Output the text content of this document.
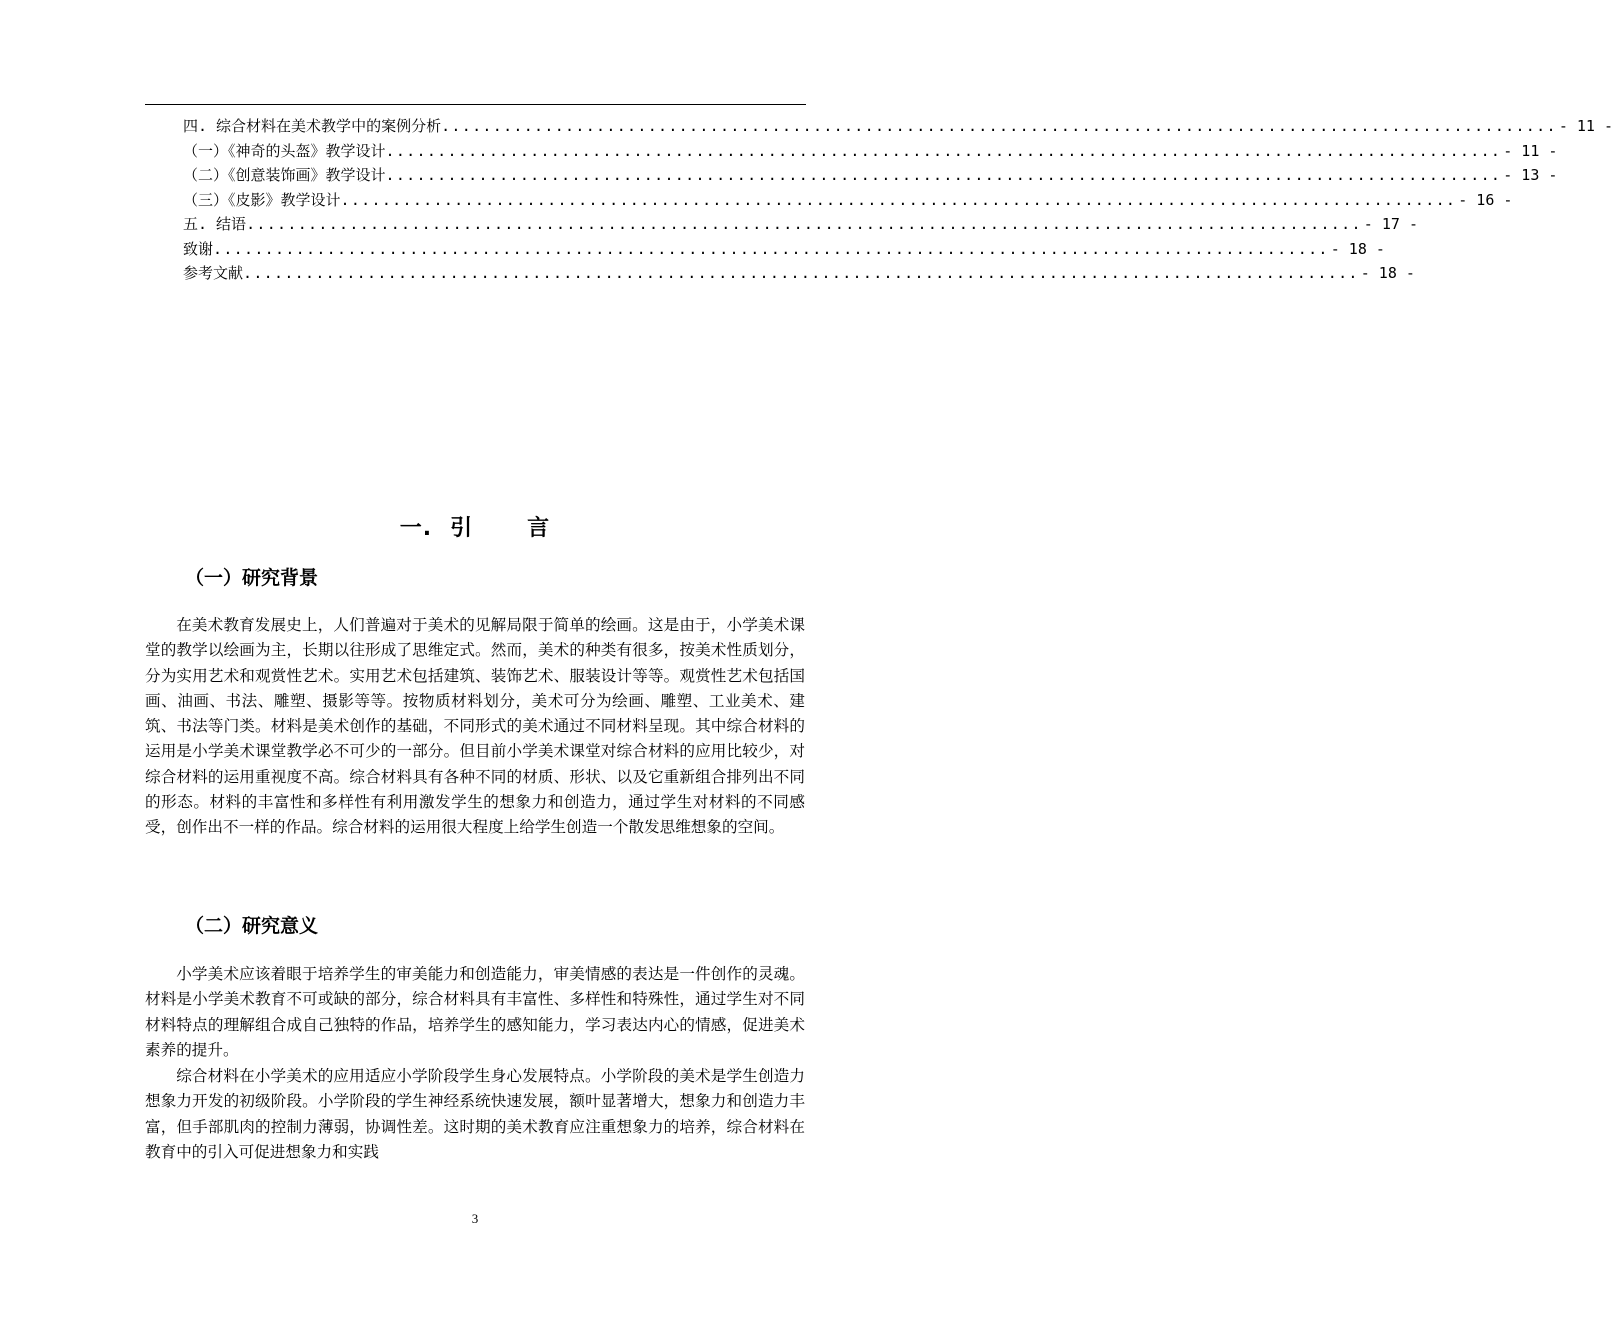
四. 综合材料在美术教学中的案例分析 ............................................................................................................ - 11 -
（一）《神奇的头盔》教学设计 ............................................................................................................ - 11 -
（二）《创意装饰画》教学设计 ............................................................................................................ - 13 -
（三）《皮影》教学设计 ............................................................................................................ - 16 -
五. 结语 ............................................................................................................ - 17 -
致谢 ............................................................................................................ - 18 -
参考文献 ............................................................................................................ - 18 -
一. 引 言
（一）研究背景

在美术教育发展史上，人们普遍对于美术的见解局限于简单的绘画。这是由于，小学美术课堂的教学以绘画为主，长期以往形成了思维定式。然而，美术的种类有很多，按美术性质划分，分为实用艺术和观赏性艺术。实用艺术包括建筑、装饰艺术、服装设计等等。观赏性艺术包括国画、油画、书法、雕塑、摄影等等。按物质材料划分，美术可分为绘画、雕塑、工业美术、建筑、书法等门类。材料是美术创作的基础，不同形式的美术通过不同材料呈现。其中综合材料的运用是小学美术课堂教学必不可少的一部分。但目前小学美术课堂对综合材料的应用比较少，对综合材料的运用重视度不高。综合材料具有各种不同的材质、形状、以及它重新组合排列出不同的形态。材料的丰富性和多样性有利用激发学生的想象力和创造力，通过学生对材料的不同感受，创作出不一样的作品。综合材料的运用很大程度上给学生创造一个散发思维想象的空间。

（二）研究意义

小学美术应该着眼于培养学生的审美能力和创造能力，审美情感的表达是一件创作的灵魂。材料是小学美术教育不可或缺的部分，综合材料具有丰富性、多样性和特殊性，通过学生对不同材料特点的理解组合成自己独特的作品，培养学生的感知能力，学习表达内心的情感，促进美术素养的提升。

综合材料在小学美术的应用适应小学阶段学生身心发展特点。小学阶段的美术是学生创造力想象力开发的初级阶段。小学阶段的学生神经系统快速发展，额叶显著增大，想象力和创造力丰富，但手部肌肉的控制力薄弱，协调性差。这时期的美术教育应注重想象力的培养，综合材料在教育中的引入可促进想象力和实践

3
